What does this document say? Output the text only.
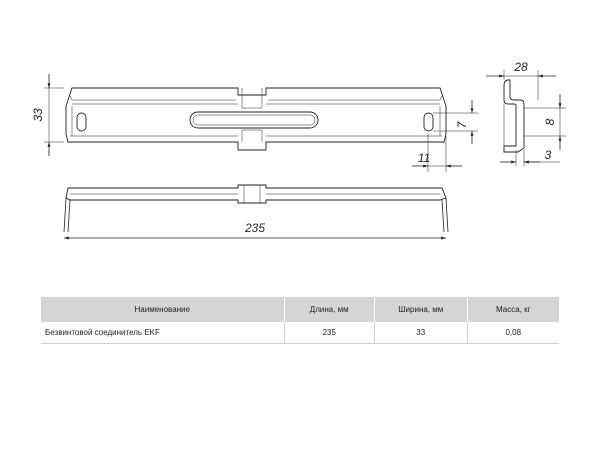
33
7
11
28
8
3
235
Наименование	Длина, мм	Ширина, мм	Масса, кг
Безвинтовой соединитель EKF	235	33	0,08
